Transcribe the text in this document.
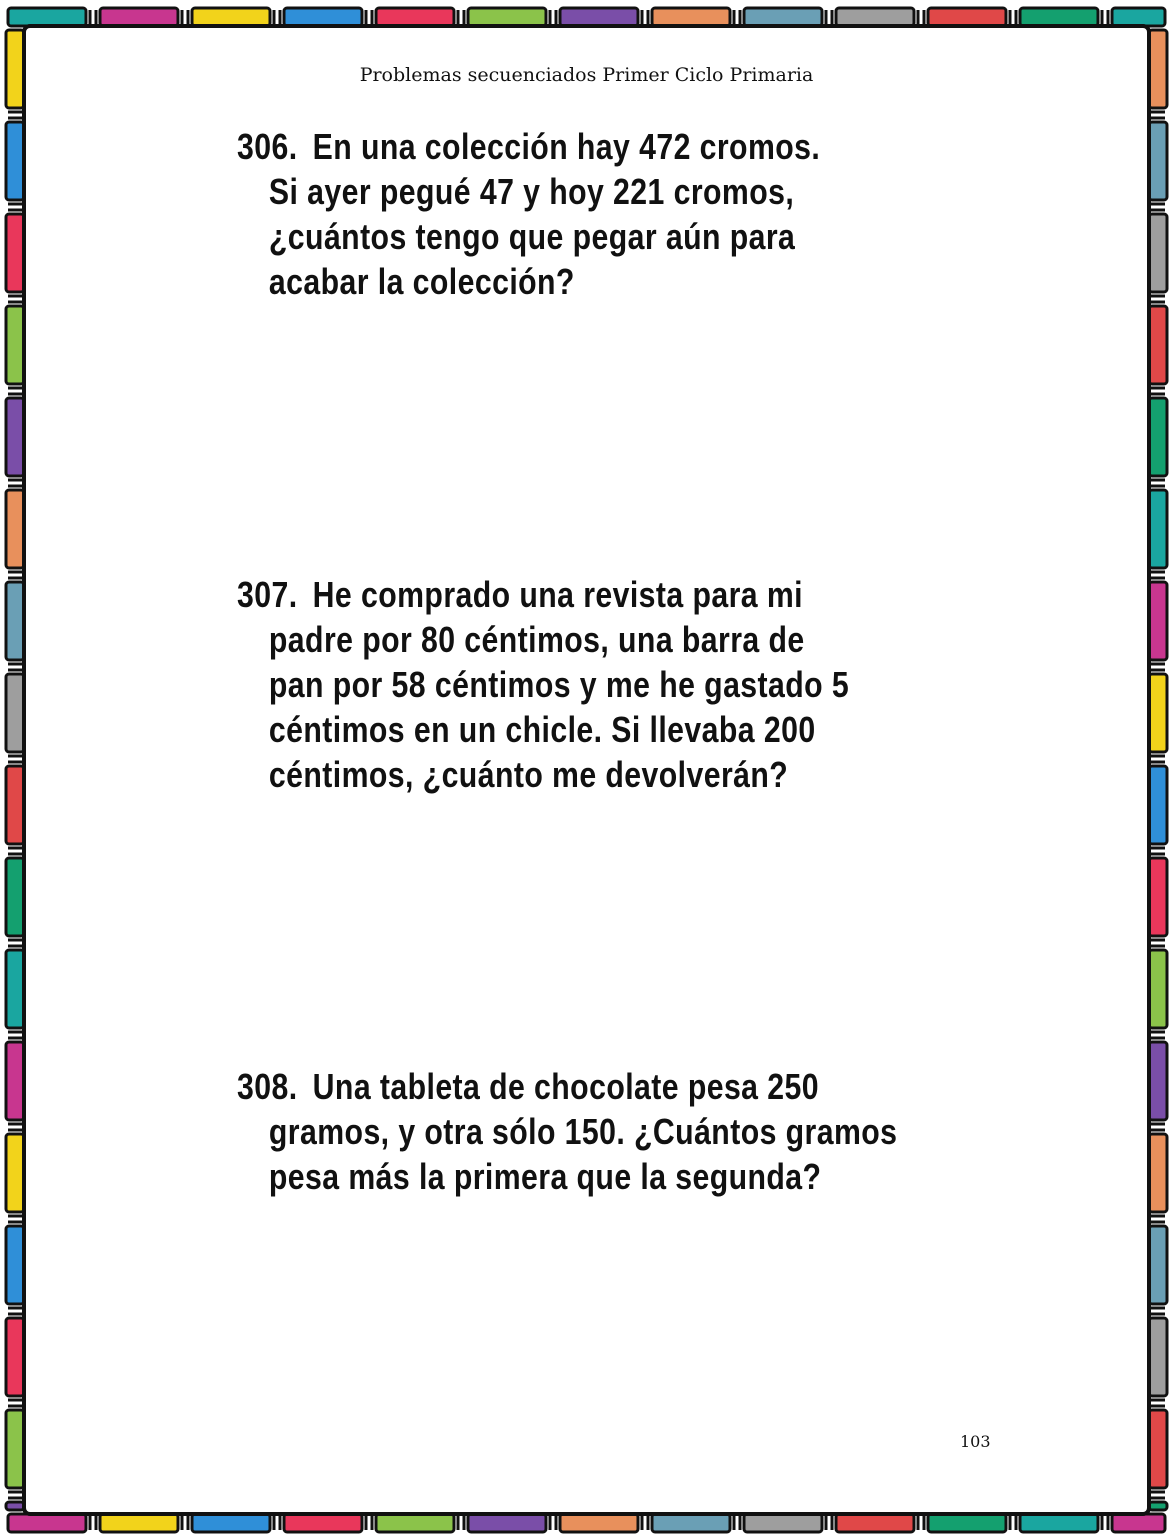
Problemas secuenciados Primer Ciclo Primaria
306. En una colección hay 472 cromos.
Si ayer pegué 47 y hoy 221 cromos,
¿cuántos tengo que pegar aún para
acabar la colección?
307. He comprado una revista para mi
padre por 80 céntimos, una barra de
pan por 58 céntimos y me he gastado 5
céntimos en un chicle. Si llevaba 200
céntimos, ¿cuánto me devolverán?
308. Una tableta de chocolate pesa 250
gramos, y otra sólo 150. ¿Cuántos gramos
pesa más la primera que la segunda?
103
